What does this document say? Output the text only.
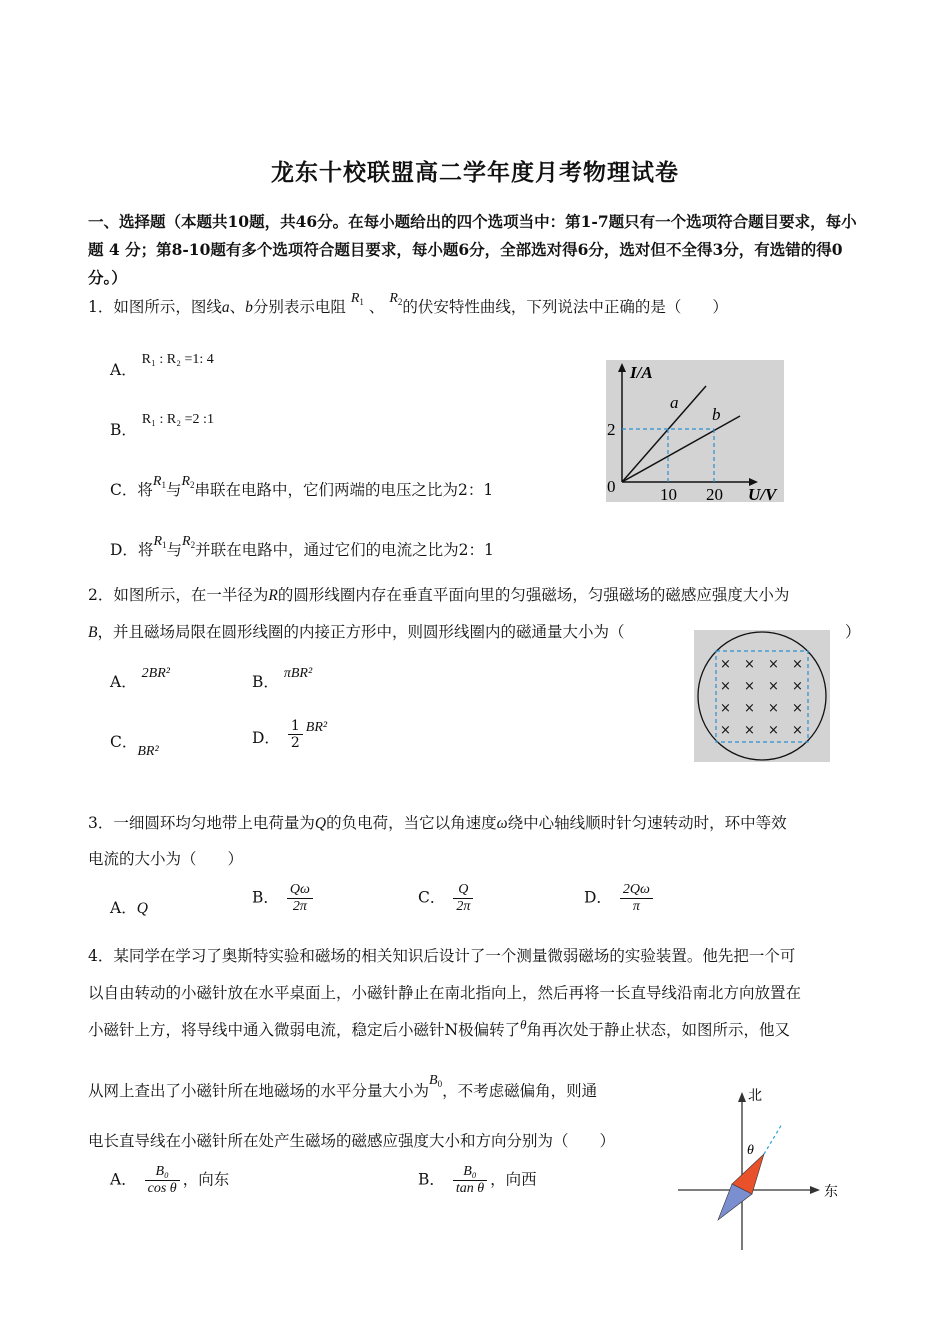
龙东十校联盟高二学年度月考物理试卷
一、选择题（本题共10题，共46分。在每小题给出的四个选项当中：第1-7题只有一个选项符合题目要求，每小题 4 分；第8-10题有多个选项符合题目要求，每小题6分，全部选对得6分，选对但不全得3分，有选错的得0分。）
1．如图所示，图线a、b分别表示电阻 $R_1$ 、 $R_2$的伏安特性曲线，下列说法中正确的是（　　）
A． R₁ : R₂ =1: 4
B． R₁ : R₂ =2 :1
C．将$R_1$与$R_2$串联在电路中，它们两端的电压之比为2：1
D．将$R_1$与$R_2$并联在电路中，通过它们的电流之比为2：1
I/A
U/V
0
2
10 20
a
b
2．如图所示，在一半径为R的圆形线圈内存在垂直平面向里的匀强磁场，匀强磁场的磁感应强度大小为
B，并且磁场局限在圆形线圈的内接正方形中，则圆形线圈内的磁通量大小为（	）
A． 2BR²	B． πBR²
C．BR²
D． $\frac{1}{2} BR^2$
× × × ×
× × × ×
× × × ×
× × × ×
3．一细圆环均匀地带上电荷量为Q的负电荷，当它以角速度ω绕中心轴线顺时针匀速转动时，环中等效
电流的大小为（　　）
A．Q
B． $\frac{Q\omega}{2\pi}$	C． $\frac{Q}{2\pi}$	D． $\frac{2Q\omega}{\pi}$
4．某同学在学习了奥斯特实验和磁场的相关知识后设计了一个测量微弱磁场的实验装置。他先把一个可
以自由转动的小磁针放在水平桌面上，小磁针静止在南北指向上，然后再将一长直导线沿南北方向放置在
小磁针上方，将导线中通入微弱电流，稳定后小磁针N极偏转了$^\theta$角再次处于静止状态，如图所示，他又
从网上查出了小磁针所在地磁场的水平分量大小为$B_0$，不考虑磁偏角，则通
电长直导线在小磁针所在处产生磁场的磁感应强度大小和方向分别为（　　）
A． $\frac{\text{B₀}}{\text{cos θ}}$ ，向东	B． $\frac{\text{B₀}}{\text{tan θ}}$ ，向西
北
东
θ
